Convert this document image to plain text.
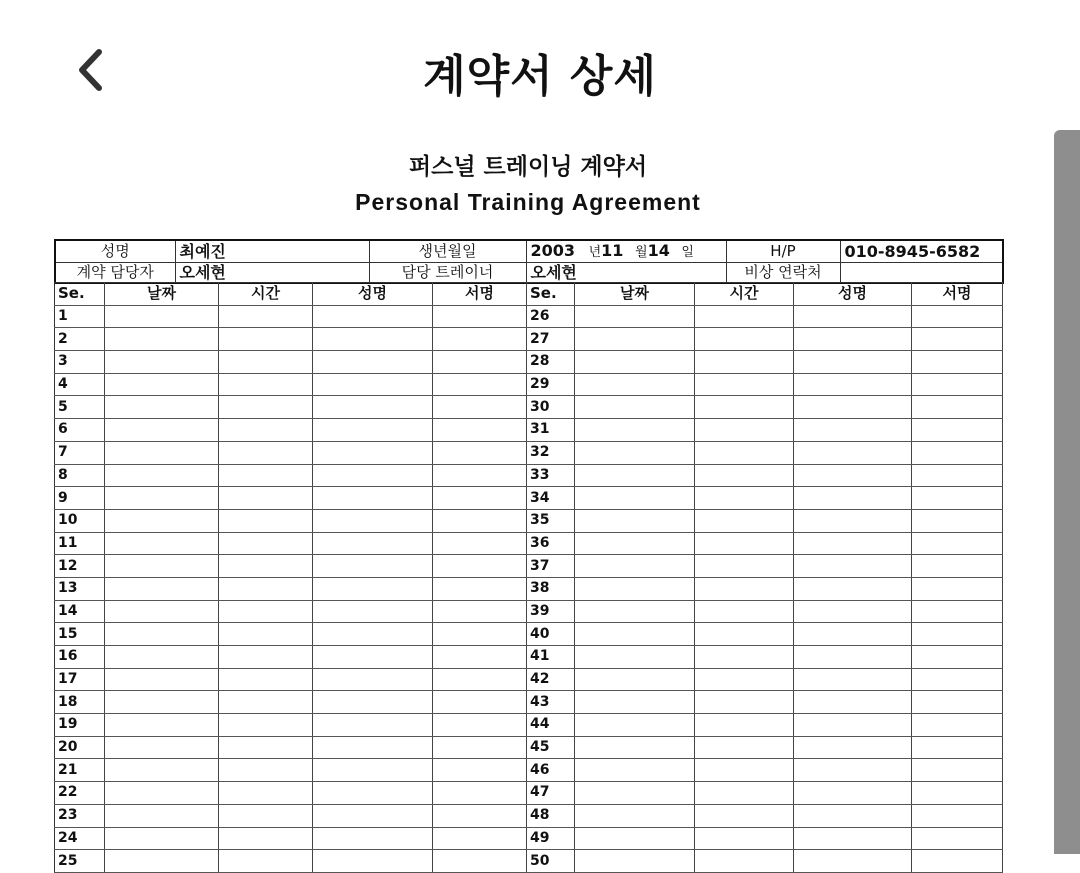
계약서 상세
퍼스널 트레이닝 계약서
Personal Training Agreement
성명	최예진	생년월일	2003 년11 월14 일	H/P	010-8945-6582
계약 담당자	오세현	담당 트레이너	오세현	비상 연락처	
Se.	날짜	시간	성명	서명	Se.	날짜	시간	성명	서명
1					26				
2					27				
3					28				
4					29				
5					30				
6					31				
7					32				
8					33				
9					34				
10					35				
11					36				
12					37				
13					38				
14					39				
15					40				
16					41				
17					42				
18					43				
19					44				
20					45				
21					46				
22					47				
23					48				
24					49				
25					50				
